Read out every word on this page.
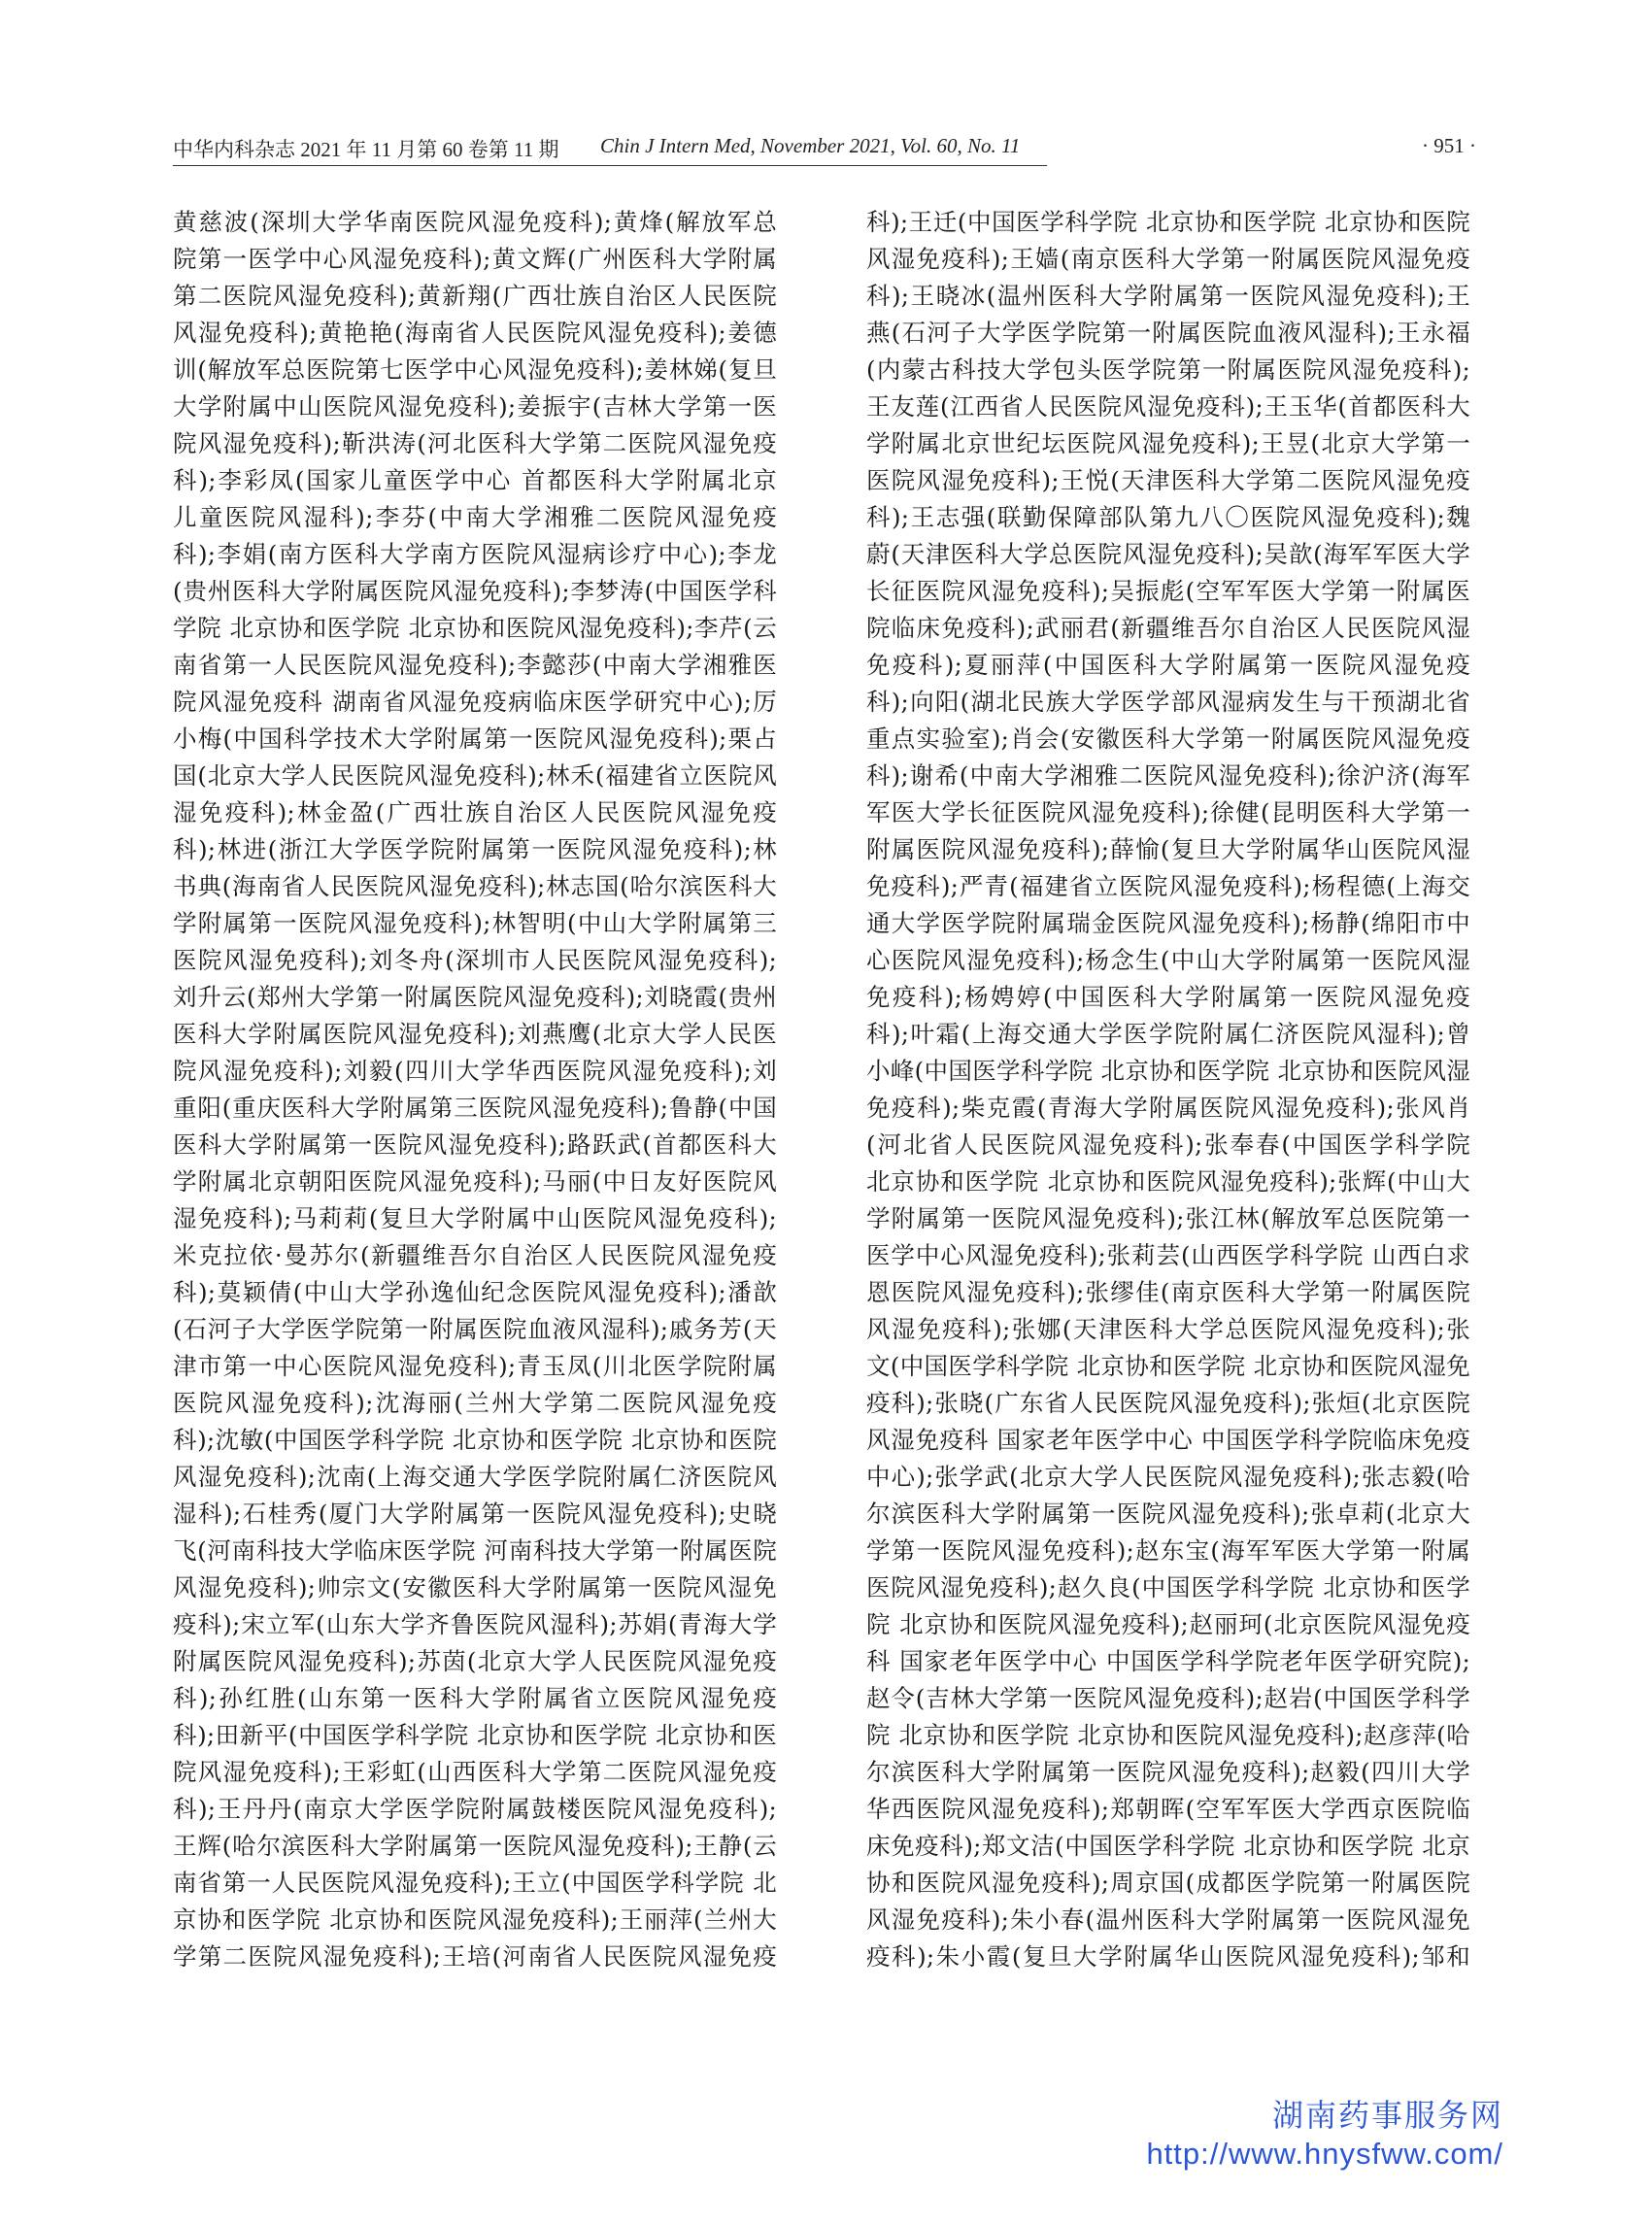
中华内科杂志 2021 年 11 月第 60 卷第 11 期 Chin J Intern Med, November 2021, Vol. 60, No. 11	· 951 ·
黄慈波(深圳大学华南医院风湿免疫科);黄烽(解放军总
院第一医学中心风湿免疫科);黄文辉(广州医科大学附属
第二医院风湿免疫科);黄新翔(广西壮族自治区人民医院
风湿免疫科);黄艳艳(海南省人民医院风湿免疫科);姜德
训(解放军总医院第七医学中心风湿免疫科);姜林娣(复旦
大学附属中山医院风湿免疫科);姜振宇(吉林大学第一医
院风湿免疫科);靳洪涛(河北医科大学第二医院风湿免疫
科);李彩凤(国家儿童医学中心 首都医科大学附属北京
儿童医院风湿科);李芬(中南大学湘雅二医院风湿免疫
科);李娟(南方医科大学南方医院风湿病诊疗中心);李龙
(贵州医科大学附属医院风湿免疫科);李梦涛(中国医学科
学院 北京协和医学院 北京协和医院风湿免疫科);李芹(云
南省第一人民医院风湿免疫科);李懿莎(中南大学湘雅医
院风湿免疫科 湖南省风湿免疫病临床医学研究中心);厉
小梅(中国科学技术大学附属第一医院风湿免疫科);栗占
国(北京大学人民医院风湿免疫科);林禾(福建省立医院风
湿免疫科);林金盈(广西壮族自治区人民医院风湿免疫
科);林进(浙江大学医学院附属第一医院风湿免疫科);林
书典(海南省人民医院风湿免疫科);林志国(哈尔滨医科大
学附属第一医院风湿免疫科);林智明(中山大学附属第三
医院风湿免疫科);刘冬舟(深圳市人民医院风湿免疫科);
刘升云(郑州大学第一附属医院风湿免疫科);刘晓霞(贵州
医科大学附属医院风湿免疫科);刘燕鹰(北京大学人民医
院风湿免疫科);刘毅(四川大学华西医院风湿免疫科);刘
重阳(重庆医科大学附属第三医院风湿免疫科);鲁静(中国
医科大学附属第一医院风湿免疫科);路跃武(首都医科大
学附属北京朝阳医院风湿免疫科);马丽(中日友好医院风
湿免疫科);马莉莉(复旦大学附属中山医院风湿免疫科);
米克拉依·曼苏尔(新疆维吾尔自治区人民医院风湿免疫
科);莫颖倩(中山大学孙逸仙纪念医院风湿免疫科);潘歆
(石河子大学医学院第一附属医院血液风湿科);戚务芳(天
津市第一中心医院风湿免疫科);青玉凤(川北医学院附属
医院风湿免疫科);沈海丽(兰州大学第二医院风湿免疫
科);沈敏(中国医学科学院 北京协和医学院 北京协和医院
风湿免疫科);沈南(上海交通大学医学院附属仁济医院风
湿科);石桂秀(厦门大学附属第一医院风湿免疫科);史晓
飞(河南科技大学临床医学院 河南科技大学第一附属医院
风湿免疫科);帅宗文(安徽医科大学附属第一医院风湿免
疫科);宋立军(山东大学齐鲁医院风湿科);苏娟(青海大学
附属医院风湿免疫科);苏茵(北京大学人民医院风湿免疫
科);孙红胜(山东第一医科大学附属省立医院风湿免疫
科);田新平(中国医学科学院 北京协和医学院 北京协和医
院风湿免疫科);王彩虹(山西医科大学第二医院风湿免疫
科);王丹丹(南京大学医学院附属鼓楼医院风湿免疫科);
王辉(哈尔滨医科大学附属第一医院风湿免疫科);王静(云
南省第一人民医院风湿免疫科);王立(中国医学科学院 北
京协和医学院 北京协和医院风湿免疫科);王丽萍(兰州大
学第二医院风湿免疫科);王培(河南省人民医院风湿免疫
科);王迁(中国医学科学院 北京协和医学院 北京协和医院
风湿免疫科);王嫱(南京医科大学第一附属医院风湿免疫
科);王晓冰(温州医科大学附属第一医院风湿免疫科);王
燕(石河子大学医学院第一附属医院血液风湿科);王永福
(内蒙古科技大学包头医学院第一附属医院风湿免疫科);
王友莲(江西省人民医院风湿免疫科);王玉华(首都医科大
学附属北京世纪坛医院风湿免疫科);王昱(北京大学第一
医院风湿免疫科);王悦(天津医科大学第二医院风湿免疫
科);王志强(联勤保障部队第九八〇医院风湿免疫科);魏
蔚(天津医科大学总医院风湿免疫科);吴歆(海军军医大学
长征医院风湿免疫科);吴振彪(空军军医大学第一附属医
院临床免疫科);武丽君(新疆维吾尔自治区人民医院风湿
免疫科);夏丽萍(中国医科大学附属第一医院风湿免疫
科);向阳(湖北民族大学医学部风湿病发生与干预湖北省
重点实验室);肖会(安徽医科大学第一附属医院风湿免疫
科);谢希(中南大学湘雅二医院风湿免疫科);徐沪济(海军
军医大学长征医院风湿免疫科);徐健(昆明医科大学第一
附属医院风湿免疫科);薛愉(复旦大学附属华山医院风湿
免疫科);严青(福建省立医院风湿免疫科);杨程德(上海交
通大学医学院附属瑞金医院风湿免疫科);杨静(绵阳市中
心医院风湿免疫科);杨念生(中山大学附属第一医院风湿
免疫科);杨娉婷(中国医科大学附属第一医院风湿免疫
科);叶霜(上海交通大学医学院附属仁济医院风湿科);曾
小峰(中国医学科学院 北京协和医学院 北京协和医院风湿
免疫科);柴克霞(青海大学附属医院风湿免疫科);张风肖
(河北省人民医院风湿免疫科);张奉春(中国医学科学院
北京协和医学院 北京协和医院风湿免疫科);张辉(中山大
学附属第一医院风湿免疫科);张江林(解放军总医院第一
医学中心风湿免疫科);张莉芸(山西医学科学院 山西白求
恩医院风湿免疫科);张缪佳(南京医科大学第一附属医院
风湿免疫科);张娜(天津医科大学总医院风湿免疫科);张
文(中国医学科学院 北京协和医学院 北京协和医院风湿免
疫科);张晓(广东省人民医院风湿免疫科);张烜(北京医院
风湿免疫科 国家老年医学中心 中国医学科学院临床免疫
中心);张学武(北京大学人民医院风湿免疫科);张志毅(哈
尔滨医科大学附属第一医院风湿免疫科);张卓莉(北京大
学第一医院风湿免疫科);赵东宝(海军军医大学第一附属
医院风湿免疫科);赵久良(中国医学科学院 北京协和医学
院 北京协和医院风湿免疫科);赵丽珂(北京医院风湿免疫
科 国家老年医学中心 中国医学科学院老年医学研究院);
赵令(吉林大学第一医院风湿免疫科);赵岩(中国医学科学
院 北京协和医学院 北京协和医院风湿免疫科);赵彦萍(哈
尔滨医科大学附属第一医院风湿免疫科);赵毅(四川大学
华西医院风湿免疫科);郑朝晖(空军军医大学西京医院临
床免疫科);郑文洁(中国医学科学院 北京协和医学院 北京
协和医院风湿免疫科);周京国(成都医学院第一附属医院
风湿免疫科);朱小春(温州医科大学附属第一医院风湿免
疫科);朱小霞(复旦大学附属华山医院风湿免疫科);邹和
湖南药事服务网
http://www.hnysfww.com/
